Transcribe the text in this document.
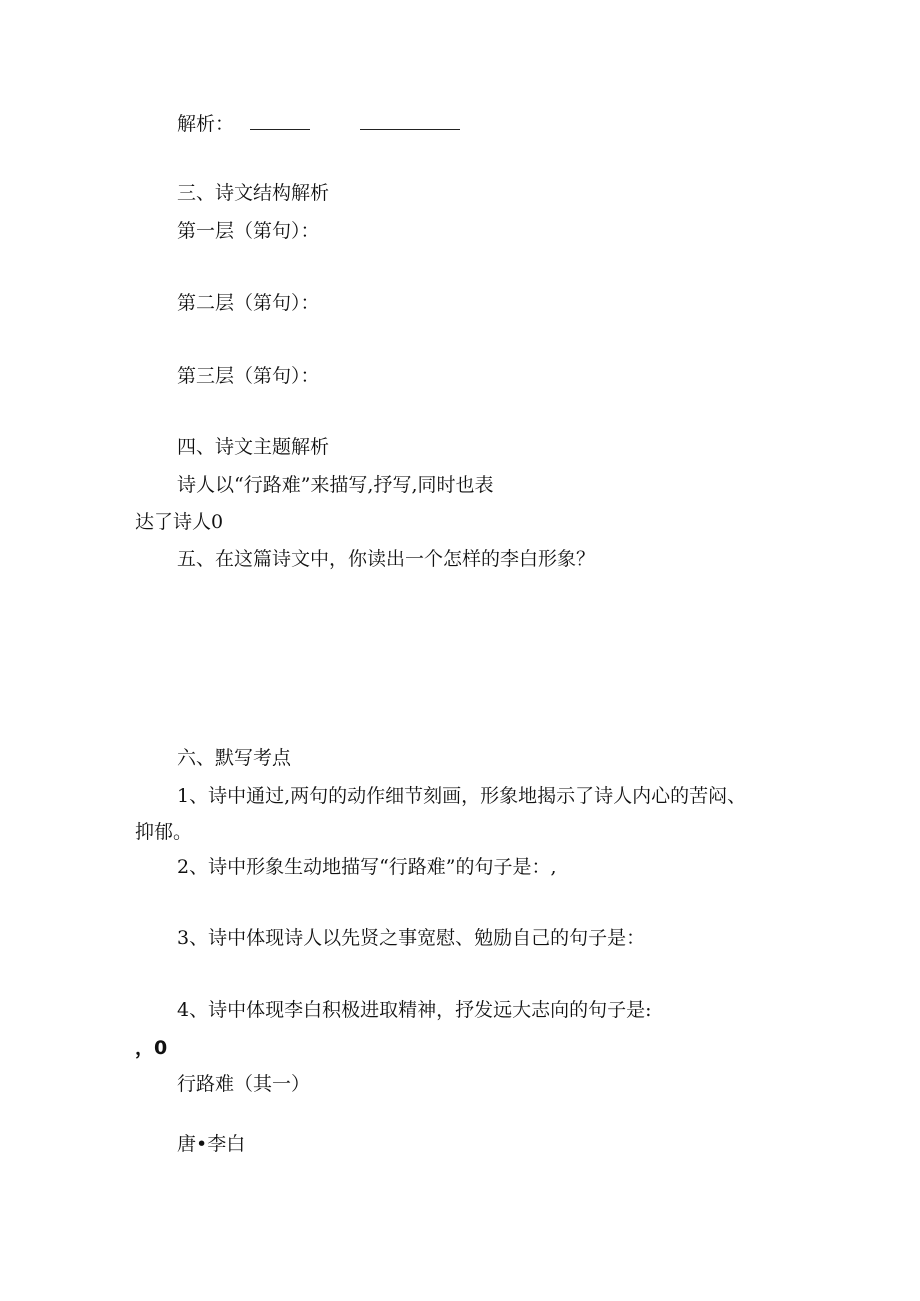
解析：
三、诗文结构解析
第一层（第句）：
第二层（第句）：
第三层（第句）：
四、诗文主题解析
诗人以“行路难”来描写,抒写,同时也表
达了诗人0
五、在这篇诗文中，你读出一个怎样的李白形象？
六、默写考点
1、诗中通过,两句的动作细节刻画，形象地揭示了诗人内心的苦闷、
抑郁。
2、诗中形象生动地描写“行路难”的句子是：,
3、诗中体现诗人以先贤之事宽慰、勉励自己的句子是：
4、诗中体现李白积极进取精神，抒发远大志向的句子是:
，0
行路难（其一）
唐•李白
